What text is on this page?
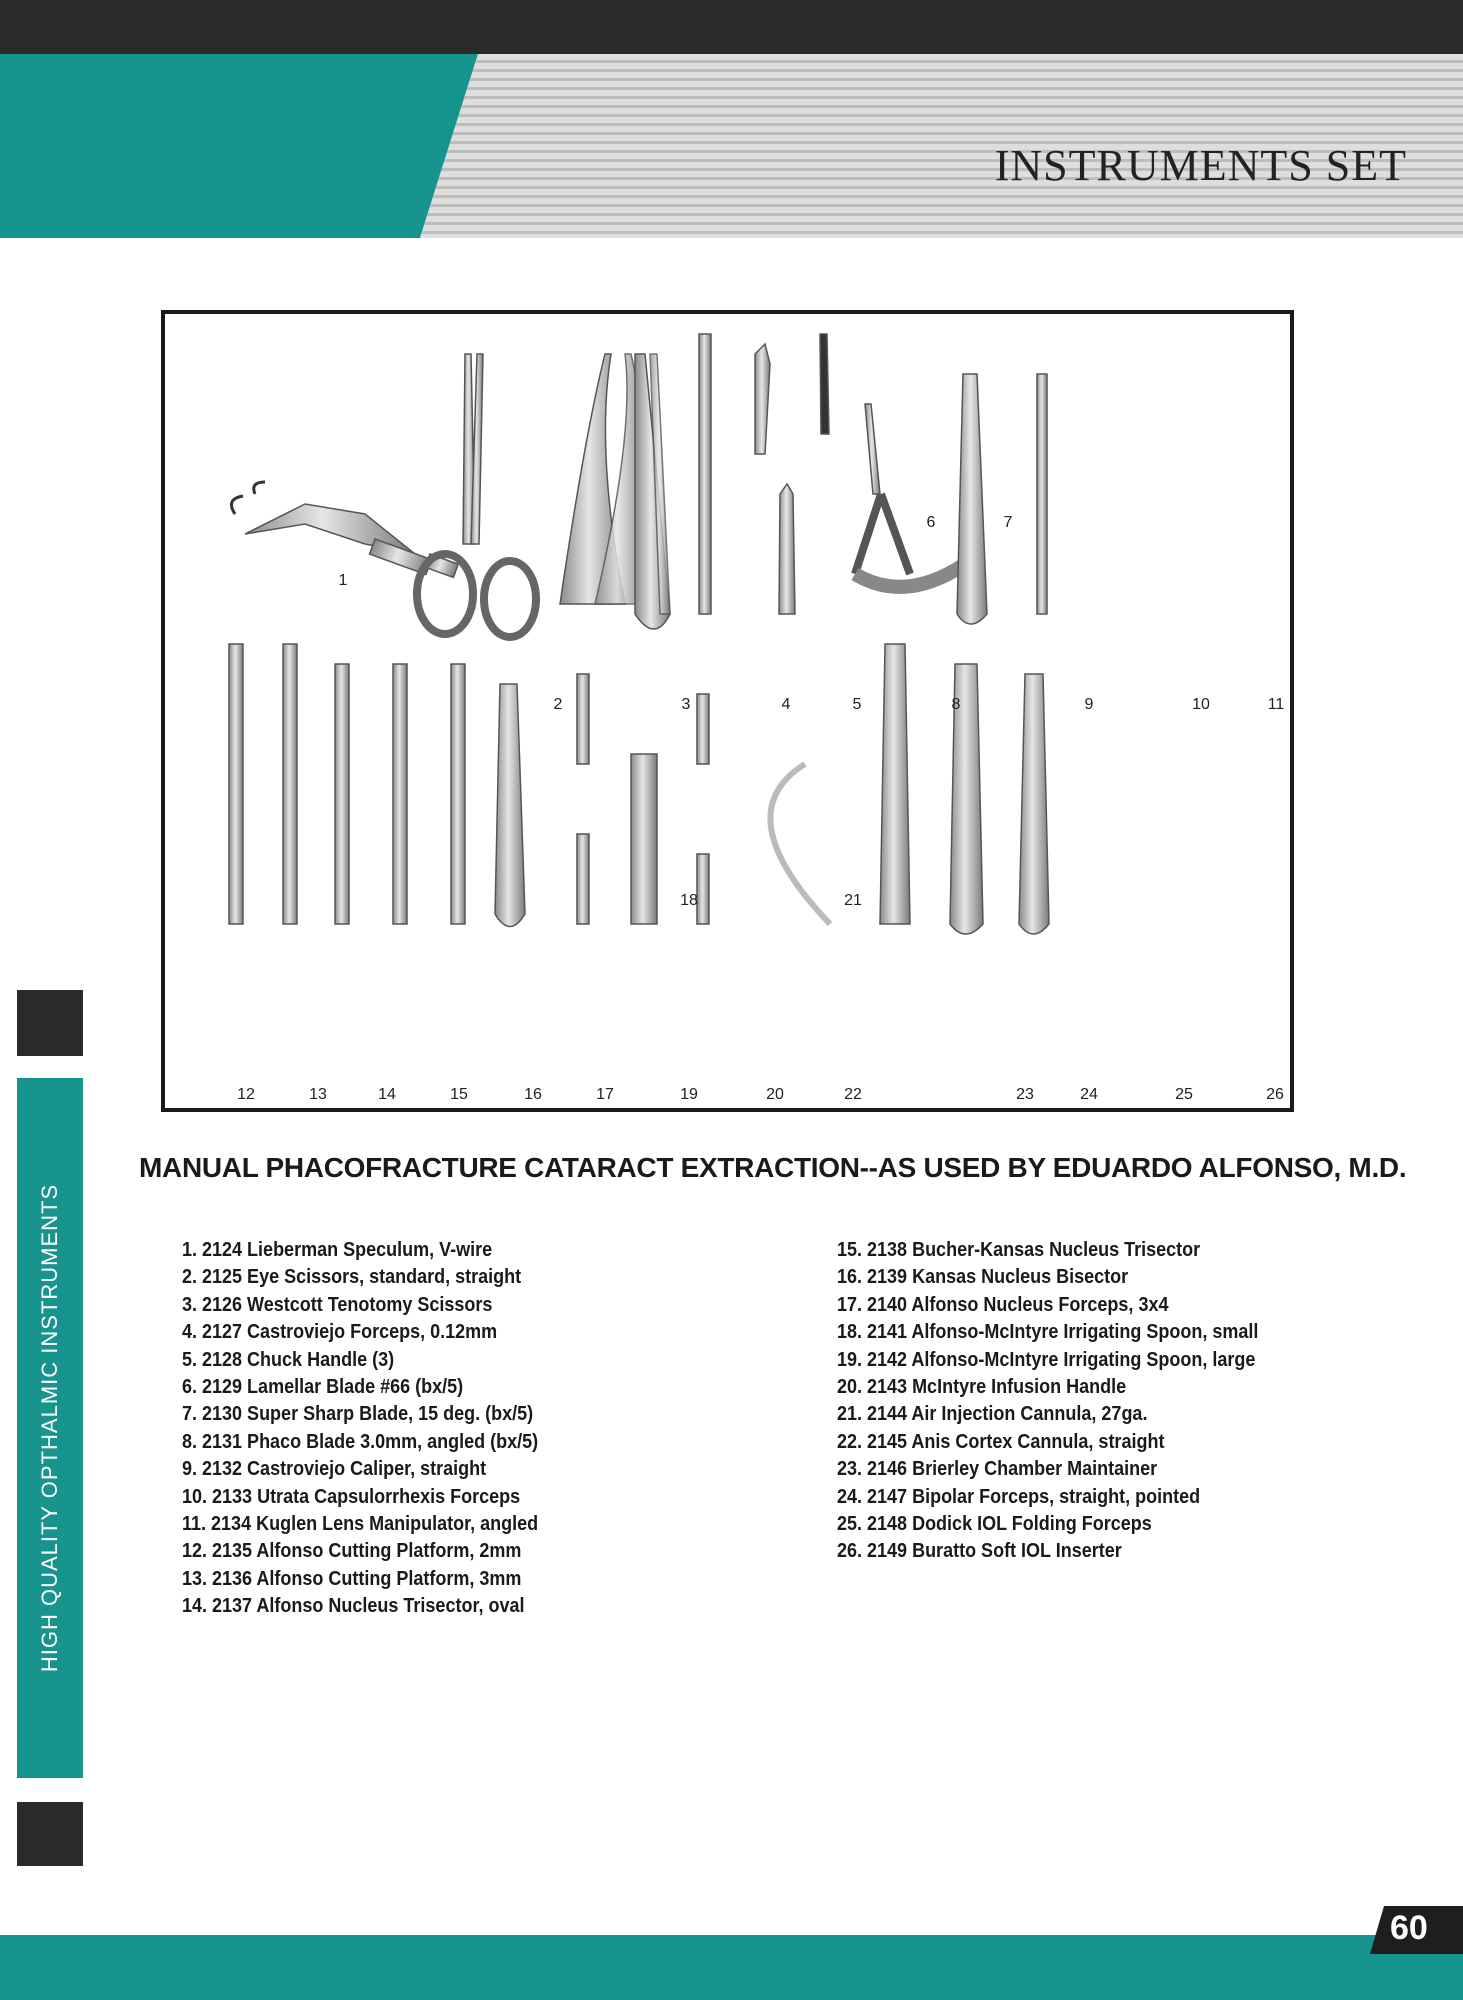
INSTRUMENTS SET
HIGH QUALITY OPTHALMIC INSTRUMENTS
1
2	3	4	5
6	7
8	9	10	11
12	13	14	15	16	17
18
19	20
21
22	23	24	25	26
MANUAL PHACOFRACTURE CATARACT EXTRACTION--AS USED BY EDUARDO ALFONSO, M.D.
1. 2124 Lieberman Speculum, V-wire
2. 2125 Eye Scissors, standard, straight
3. 2126 Westcott Tenotomy Scissors
4. 2127 Castroviejo Forceps, 0.12mm
5. 2128 Chuck Handle (3)
6. 2129 Lamellar Blade #66 (bx/5)
7. 2130 Super Sharp Blade, 15 deg. (bx/5)
8. 2131 Phaco Blade 3.0mm, angled (bx/5)
9. 2132 Castroviejo Caliper, straight
10. 2133 Utrata Capsulorrhexis Forceps
11. 2134 Kuglen Lens Manipulator, angled
12. 2135 Alfonso Cutting Platform, 2mm
13. 2136 Alfonso Cutting Platform, 3mm
14. 2137 Alfonso Nucleus Trisector, oval
15. 2138 Bucher-Kansas Nucleus Trisector
16. 2139 Kansas Nucleus Bisector
17. 2140 Alfonso Nucleus Forceps, 3x4
18. 2141 Alfonso-McIntyre Irrigating Spoon, small
19. 2142 Alfonso-McIntyre Irrigating Spoon, large
20. 2143 McIntyre Infusion Handle
21. 2144 Air Injection Cannula, 27ga.
22. 2145 Anis Cortex Cannula, straight
23. 2146 Brierley Chamber Maintainer
24. 2147 Bipolar Forceps, straight, pointed
25. 2148 Dodick IOL Folding Forceps
26. 2149 Buratto Soft IOL Inserter
60
